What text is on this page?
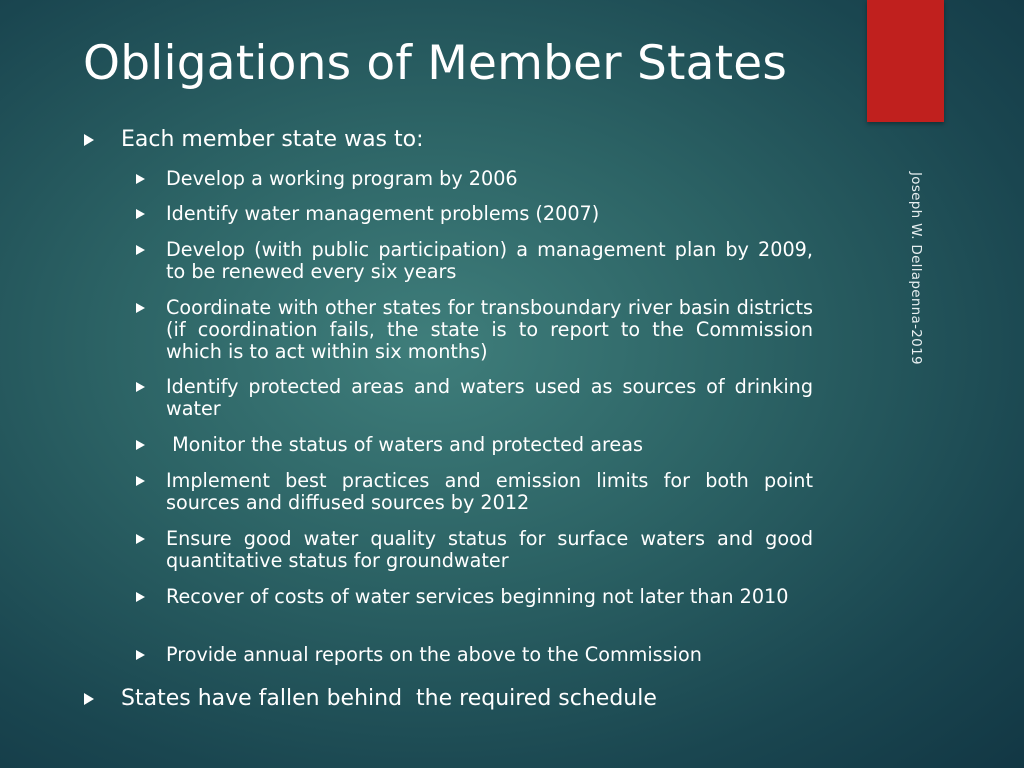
Joseph W. Dellapenna-2019
Obligations of Member States
Each member state was to:
Develop a working program by 2006
Identify water management problems (2007)
Develop (with public participation) a management plan by 2009, to be renewed every six years
Coordinate with other states for transboundary river basin districts (if coordination fails, the state is to report to the Commission which is to act within six months)
Identify protected areas and waters used as sources of drinking water
Monitor the status of waters and protected areas
Implement best practices and emission limits for both point sources and diffused sources by 2012
Ensure good water quality status for surface waters and good quantitative status for groundwater
Recover of costs of water services beginning not later than 2010
Provide annual reports on the above to the Commission
States have fallen behind  the required schedule
